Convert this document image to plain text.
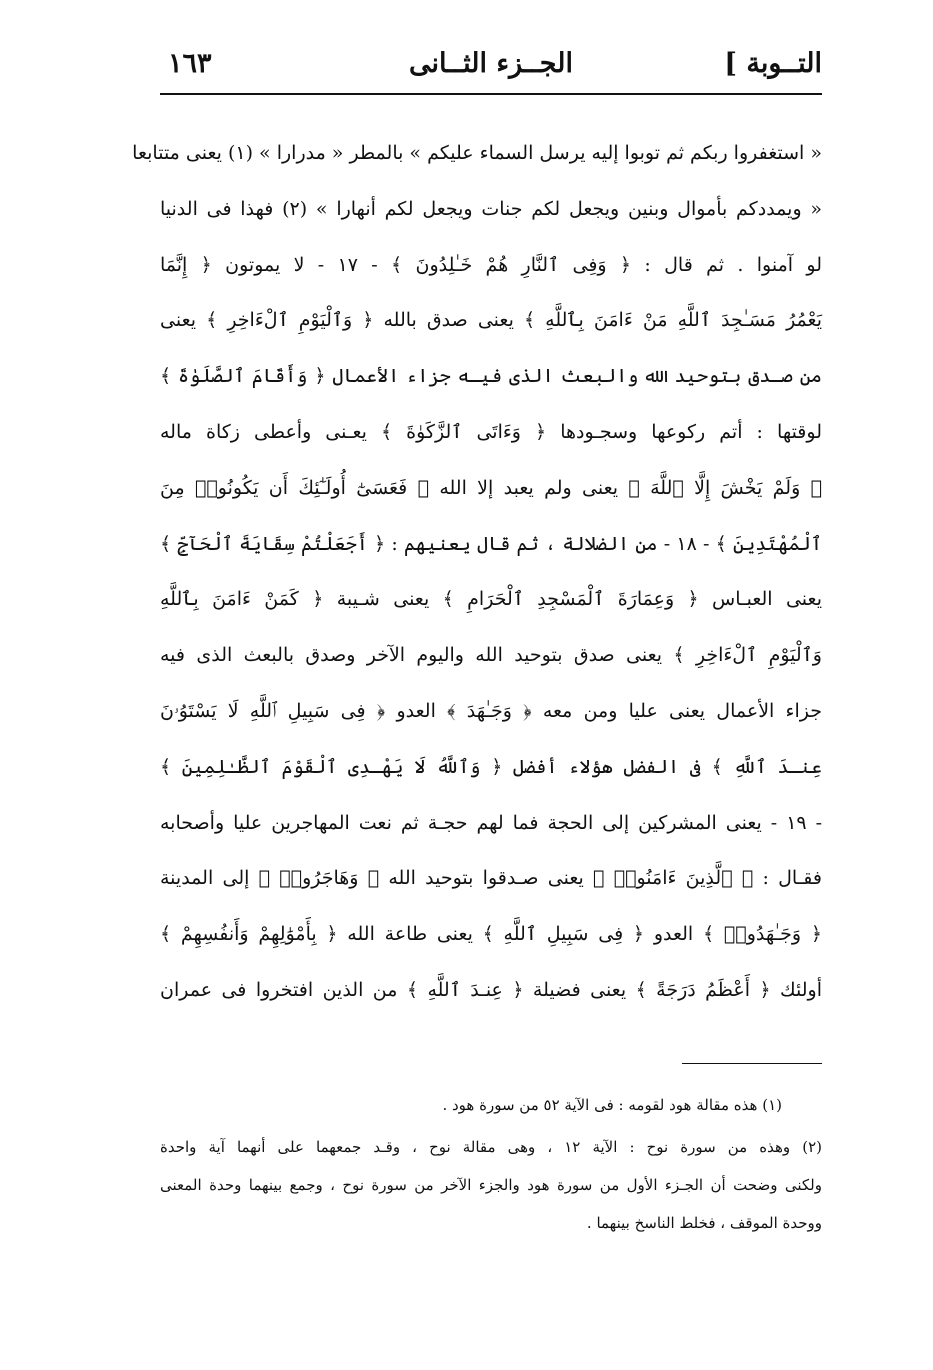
التــوبة ]
الجــزء الثــانى
١٦٣
« استغفروا ربكم ثم توبوا إليه يرسل السماء عليكم » بالمطر « مدرارا » (١) يعنى متتابعا
« ويمددكم بأموال وبنين ويجعل لكم جنات ويجعل لكم أنهارا » (٢) فهذا فى الدنيا
لو آمنوا . ثم قال : ﴿ وَفِى ٱلنَّارِ هُمْ خَـٰلِدُونَ ﴾ - ١٧ - لا يموتون ﴿ إِنَّمَا
يَعْمُرُ مَسَـٰجِدَ ٱللَّهِ مَنْ ءَامَنَ بِٱللَّهِ ﴾ يعنى صدق بالله ﴿ وَٱلْيَوْمِ ٱلْءَاخِرِ ﴾ يعنى
من صـدق بتوحيد الله والبعث الذى فيـه جزاء الأعمال ﴿ وَأَقَامَ ٱلصَّلَوٰةَ ﴾
لوقتها : أتم ركوعها وسجـودها ﴿ وَءَاتَى ٱلزَّكَوٰةَ ﴾ يعـنى وأعطى زكاة ماله
﴿ وَلَمْ يَخْشَ إِلَّا ٱللَّهَ ﴾ يعنى ولم يعبد إلا الله ﴿ فَعَسَىٰٓ أُولَـٰٓئِكَ أَن يَكُونُوا۟ مِنَ
ٱلْمُهْتَدِينَ ﴾ - ١٨ - من الضلالة ، ثم قال يعنيهم : ﴿ أَجَعَلْتُمْ سِقَايَةَ ٱلْحَآجِّ ﴾
يعنى العبـاس ﴿ وَعِمَارَةَ ٱلْمَسْجِدِ ٱلْحَرَامِ ﴾ يعنى شـيبة ﴿ كَمَنْ ءَامَنَ بِٱللَّهِ
وَٱلْيَوْمِ ٱلْءَاخِرِ ﴾ يعنى صدق بتوحيد الله واليوم الآخر وصدق بالبعث الذى فيه
جزاء الأعمال يعنى عليا ومن معه ﴿ وَجَـٰهَدَ ﴾ العدو ﴿ فِى سَبِيلِ ٱللَّهِ لَا يَسْتَوُۥنَ
عِنـدَ ٱللَّهِ ﴾ فى الفضل هؤلاء أفضل ﴿ وَٱللَّهُ لَا يَهْـدِى ٱلْقَوْمَ ٱلظَّـٰلِمِينَ ﴾
- ١٩ - يعنى المشركين إلى الحجة فما لهم حجـة ثم نعت المهاجرين عليا وأصحابه
فقـال : ﴿ ٱلَّذِينَ ءَامَنُوا۟ ﴾ يعنى صـدقوا بتوحيد الله ﴿ وَهَاجَرُوا۟ ﴾ إلى المدينة
﴿ وَجَـٰهَدُوا۟ ﴾ العدو ﴿ فِى سَبِيلِ ٱللَّهِ ﴾ يعنى طاعة الله ﴿ بِأَمْوَٰلِهِمْ وَأَنفُسِهِمْ ﴾
أولئك ﴿ أَعْظَمُ دَرَجَةً ﴾ يعنى فضيلة ﴿ عِنـدَ ٱللَّهِ ﴾ من الذين افتخروا فى عمران
(١) هذه مقالة هود لقومه : فى الآية ٥٢ من سورة هود .
(٢) وهذه من سورة نوح : الآية ١٢ ، وهى مقالة نوح ، وقـد جمعهما على أنهما آية واحدة
ولكنى وضحت أن الجـزء الأول من سورة هود والجزء الآخر من سورة نوح ، وجمع بينهما وحدة المعنى
ووحدة الموقف ، فخلط الناسخ بينهما .
